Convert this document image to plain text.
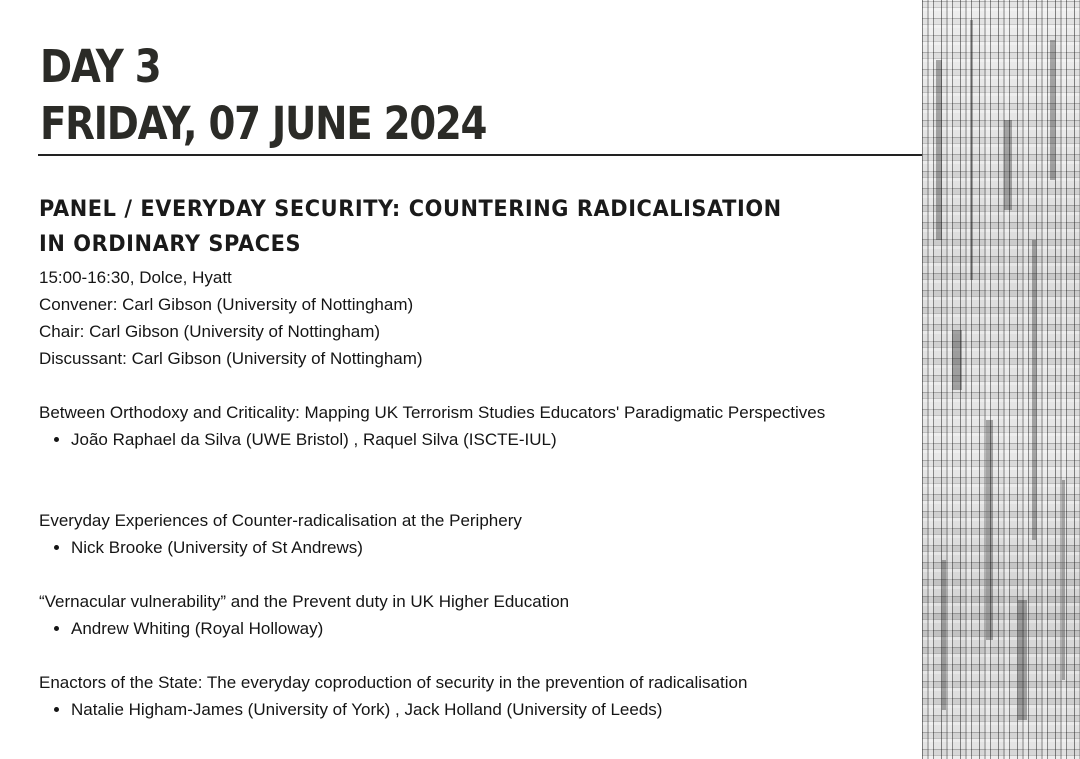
DAY 3
FRIDAY, 07 JUNE 2024
PANEL / EVERYDAY SECURITY: COUNTERING RADICALISATION IN ORDINARY SPACES
15:00-16:30, Dolce, Hyatt
Convener: Carl Gibson (University of Nottingham)
Chair: Carl Gibson (University of Nottingham)
Discussant: Carl Gibson (University of Nottingham)

Between Orthodoxy and Criticality: Mapping UK Terrorism Studies Educators' Paradigmatic Perspectives

• João Raphael da Silva (UWE Bristol) , Raquel Silva (ISCTE-IUL)

Everyday Experiences of Counter-radicalisation at the Periphery

• Nick Brooke (University of St Andrews)

“Vernacular vulnerability” and the Prevent duty in UK Higher Education

• Andrew Whiting (Royal Holloway)

Enactors of the State: The everyday coproduction of security in the prevention of radicalisation

• Natalie Higham-James (University of York) , Jack Holland (University of Leeds)
